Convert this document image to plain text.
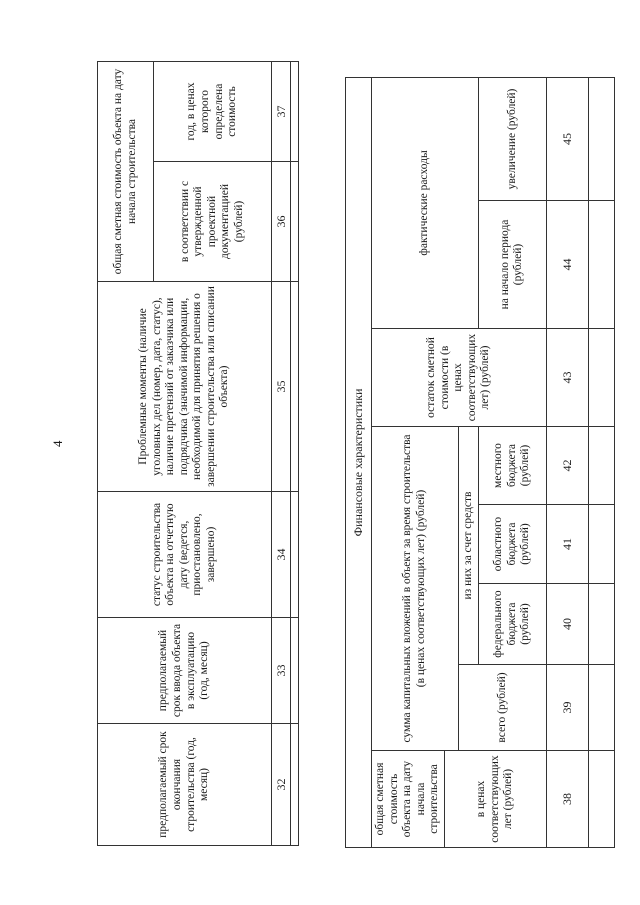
4
предполагаемый срок окончания строительства (год, месяц)	предполагаемый срок ввода объекта в эксплуатацию (год, месяц)	статус строительства объекта на отчетную дату (ведется, приостановлено, завершено)	Проблемные моменты (наличие уголовных дел (номер, дата, статус), наличие претензий от заказчика или подрядчика (значимой информации, необходимой для принятия решения о завершении строительства или списании объекта)	общая сметная стоимость объекта на дату начала строительства	
				в соответствии с утвержденной проектной документацией (рублей)	год, в ценах которого определена стоимость
32	33	34	35	36	37

Финансовые характеристики							
общая сметная стоимость объекта на дату начала строительства	сумма капитальных вложений в объект за время строительства (в ценах соответствующих лет) (рублей)				остаток сметной стоимости (в ценах соответствующих лет) (рублей)	фактические расходы	
в ценах соответствующих лет (рублей)							
	всего (рублей)	из них за счет средств					
		федерального бюджета (рублей)	областного бюджета (рублей)	местного бюджета (рублей)		на начало периода (рублей)	увеличение (рублей)
38	39	40	41	42	43	44	45
